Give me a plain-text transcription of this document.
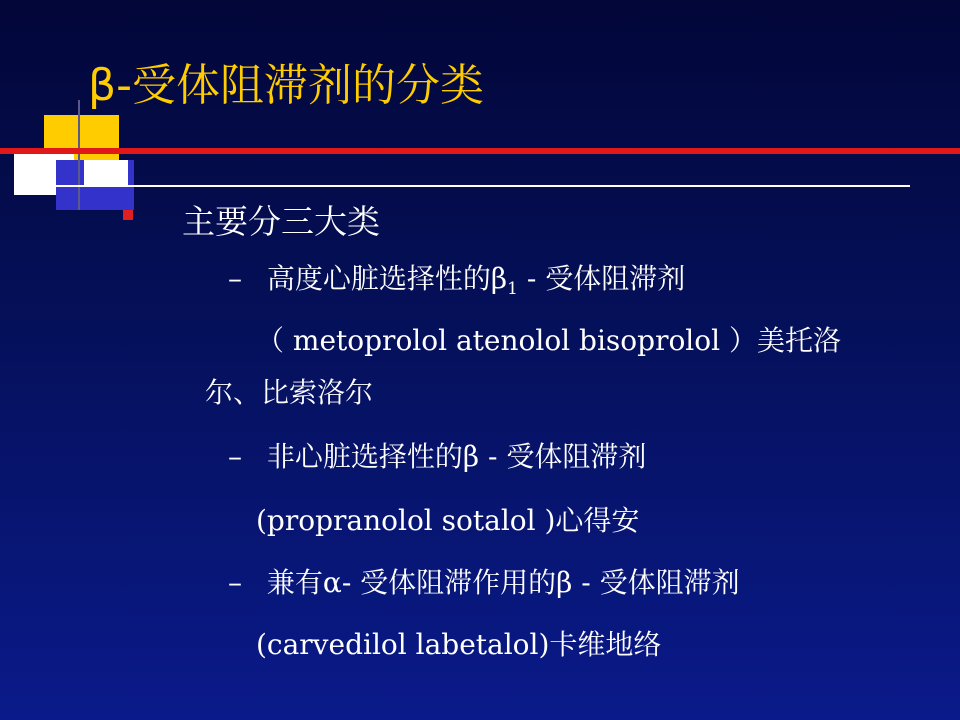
β-受体阻滞剂的分类
主要分三大类
– 高度心脏选择性的$\beta_1$ - 受体阻滞剂
（ metoprolol atenolol bisoprolol ）美托洛
尔、比索洛尔
– 非心脏选择性的β - 受体阻滞剂
(propranolol sotalol )心得安
– 兼有α- 受体阻滞作用的β - 受体阻滞剂
(carvedilol labetalol)卡维地络
